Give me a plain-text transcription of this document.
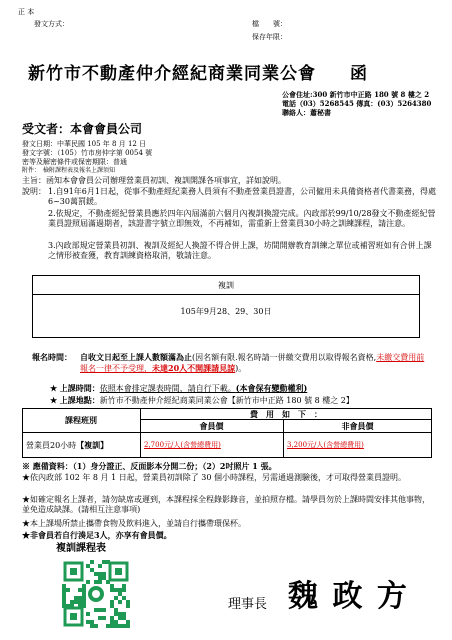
正 本
發文方式：	檔　　號：
保存年限：
新竹市不動產仲介經紀商業同業公會 函
公會住址:300 新竹市中正路 180 號 8 樓之 2
電話（03）5268545 傳真：(03）5264380
聯絡人：蕭秘書
受文者：本會會員公司
發文日期：中華民國 105 年 8 月 12 日
發文字號：（105）竹市房仲字第 0054 號
密等及解密條件或保密期限：普通
附件：　檢附課程表及報名上課須知
主旨：函知本會會員公司辦理營業員初訓、複訓開課各項事宜，詳如說明。
說明： 1.自91年6月1日起，從事不動產經紀業務人員須有不動產營業員證書，公司僱用未具備資格者代書業務，得處6~30萬罰鍰。
2.依規定，不動產經紀營業員應於四年內屆滿前六個月內複訓換證完成。內政部於99/10/28發文不動產經紀營業員證照屆滿過期者，該證書字號立即無效，不再補如，需重新上營業員30小時之訓練課程，請注意。
3.內政部規定營業員初訓、複訓及經紀人換證不得合併上課，坊間開辦教育訓練之單位或補習班如有合併上課之情形被查獲，教育訓練資格取消，敬請注意。
複訓
105年9月28、29、30日
報名時間： 自收文日起至上課人數額滿為止(因名額有限.報名時請一併繳交費用以取得報名資格,未繳交費用前報名一律不予受理，未達20人不開課請見諒)。
★ 上課時間：依照本會排定課表時間，請自行下載。(本會保有變動權利)
★ 上課地點：新竹市不動產仲介經紀商業同業公會【新竹市中正路 180 號 8 樓之 2】
課程班別
費　用　如　下　：
會員價	非會員價
營業員20小時【複訓】	2,700元/人(含營總費用)	3,200元/人(含營總費用)
※ 應備資料：（1）身分證正、反面影本分開二份；（2）2吋照片 1 張。
★依內政部 102 年 8 月 1 日起，營業員初訓除了 30 個小時課程，另需通過測驗後，才可取得營業員證明。
★如確定報名上課者，請勿缺席或遲到，本課程採全程錄影錄音，並拍照存檔。請學員勿於上課時間安排其他事物，並免造成缺課。(請相互注意事項)
★本上課場所禁止攜帶食物及飲料進入，並請自行攜帶環保杯。
★非會員若自行湊足3人，亦享有會員價。
複訓課程表
理事長 魏 政 方
